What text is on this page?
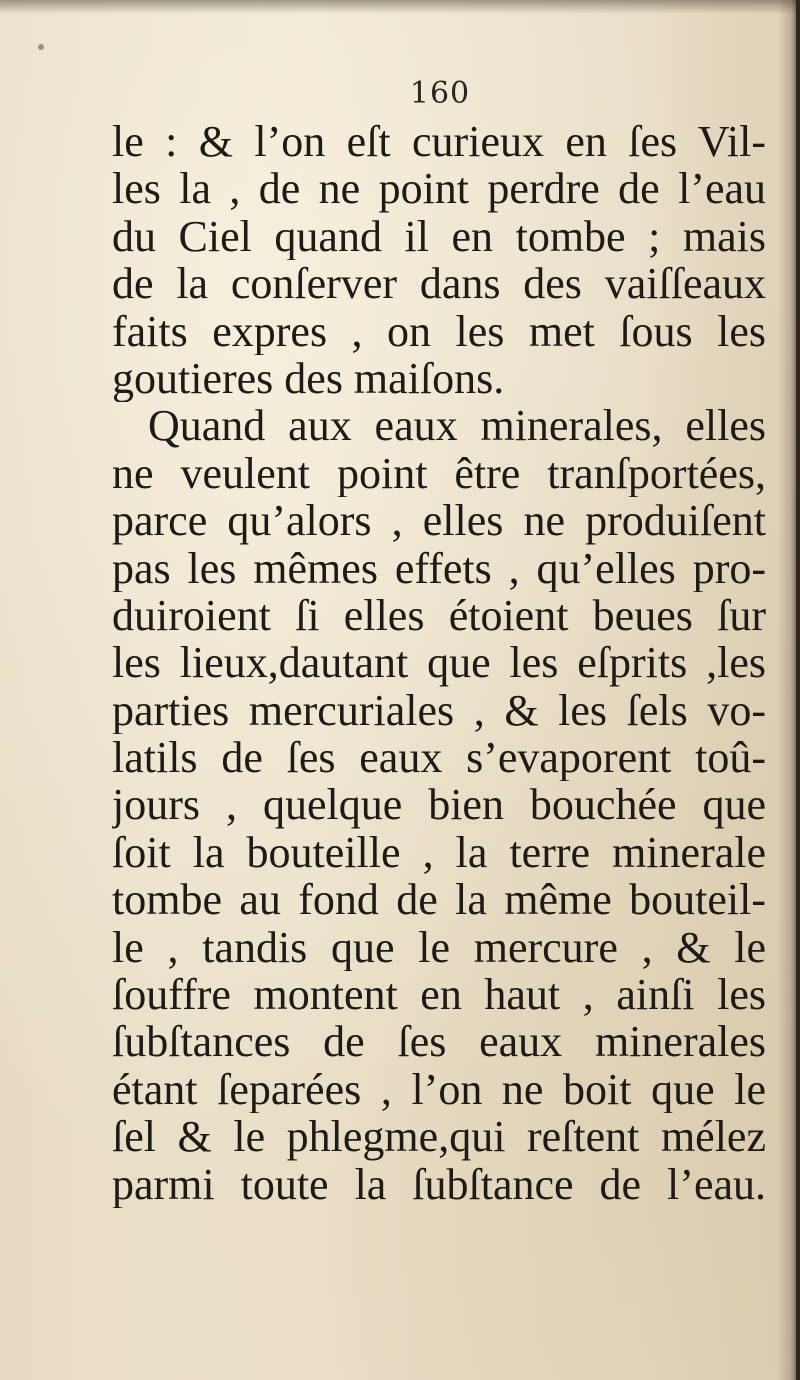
160
le : & l’on eſt curieux en ſes Vil-
les la , de ne point perdre de l’eau
du Ciel quand il en tombe ; mais
de la conſerver dans des vaiſſeaux
faits expres , on les met ſous les
goutieres des maiſons.
Quand aux eaux minerales, elles
ne veulent point être tranſportées,
parce qu’alors , elles ne produiſent
pas les mêmes effets , qu’elles pro-
duiroient ſi elles étoient beues ſur
les lieux,dautant que les eſprits ,les
parties mercuriales , & les ſels vo-
latils de ſes eaux s’evaporent toû-
jours , quelque bien bouchée que
ſoit la bouteille , la terre minerale
tombe au fond de la même bouteil-
le , tandis que le mercure , & le
ſouffre montent en haut , ainſi les
ſubſtances de ſes eaux minerales
étant ſeparées , l’on ne boit que le
ſel & le phlegme,qui reſtent mélez
parmi toute la ſubſtance de l’eau.
